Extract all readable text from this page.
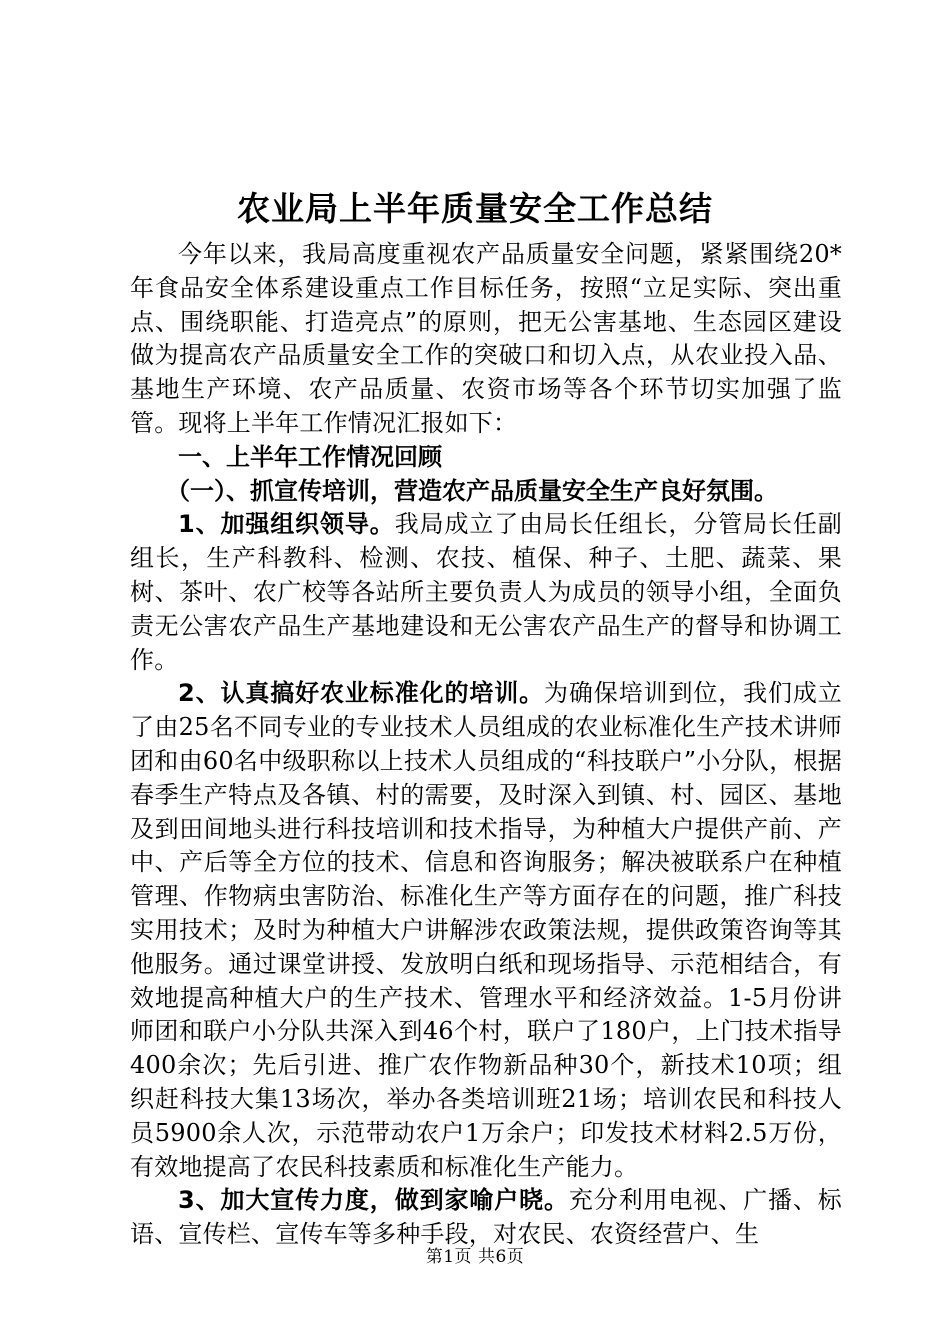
农业局上半年质量安全工作总结

今年以来，我局高度重视农产品质量安全问题，紧紧围绕20*年食品安全体系建设重点工作目标任务，按照“立足实际、突出重点、围绕职能、打造亮点”的原则，把无公害基地、生态园区建设做为提高农产品质量安全工作的突破口和切入点，从农业投入品、基地生产环境、农产品质量、农资市场等各个环节切实加强了监管。现将上半年工作情况汇报如下：

一、上半年工作情况回顾

（一）、抓宣传培训，营造农产品质量安全生产良好氛围。

1、加强组织领导。我局成立了由局长任组长，分管局长任副组长，生产科教科、检测、农技、植保、种子、土肥、蔬菜、果树、茶叶、农广校等各站所主要负责人为成员的领导小组，全面负责无公害农产品生产基地建设和无公害农产品生产的督导和协调工作。

2、认真搞好农业标准化的培训。为确保培训到位，我们成立了由25名不同专业的专业技术人员组成的农业标准化生产技术讲师团和由60名中级职称以上技术人员组成的“科技联户”小分队，根据春季生产特点及各镇、村的需要，及时深入到镇、村、园区、基地及到田间地头进行科技培训和技术指导，为种植大户提供产前、产中、产后等全方位的技术、信息和咨询服务；解决被联系户在种植管理、作物病虫害防治、标准化生产等方面存在的问题，推广科技实用技术；及时为种植大户讲解涉农政策法规，提供政策咨询等其他服务。通过课堂讲授、发放明白纸和现场指导、示范相结合，有效地提高种植大户的生产技术、管理水平和经济效益。1-5月份讲师团和联户小分队共深入到46个村，联户了180户，上门技术指导400余次；先后引进、推广农作物新品种30个，新技术10项；组织赶科技大集13场次，举办各类培训班21场；培训农民和科技人员5900余人次，示范带动农户1万余户；印发技术材料2.5万份，有效地提高了农民科技素质和标准化生产能力。

3、加大宣传力度，做到家喻户晓。充分利用电视、广播、标语、宣传栏、宣传车等多种手段，对农民、农资经营户、生

第1页 共6页
